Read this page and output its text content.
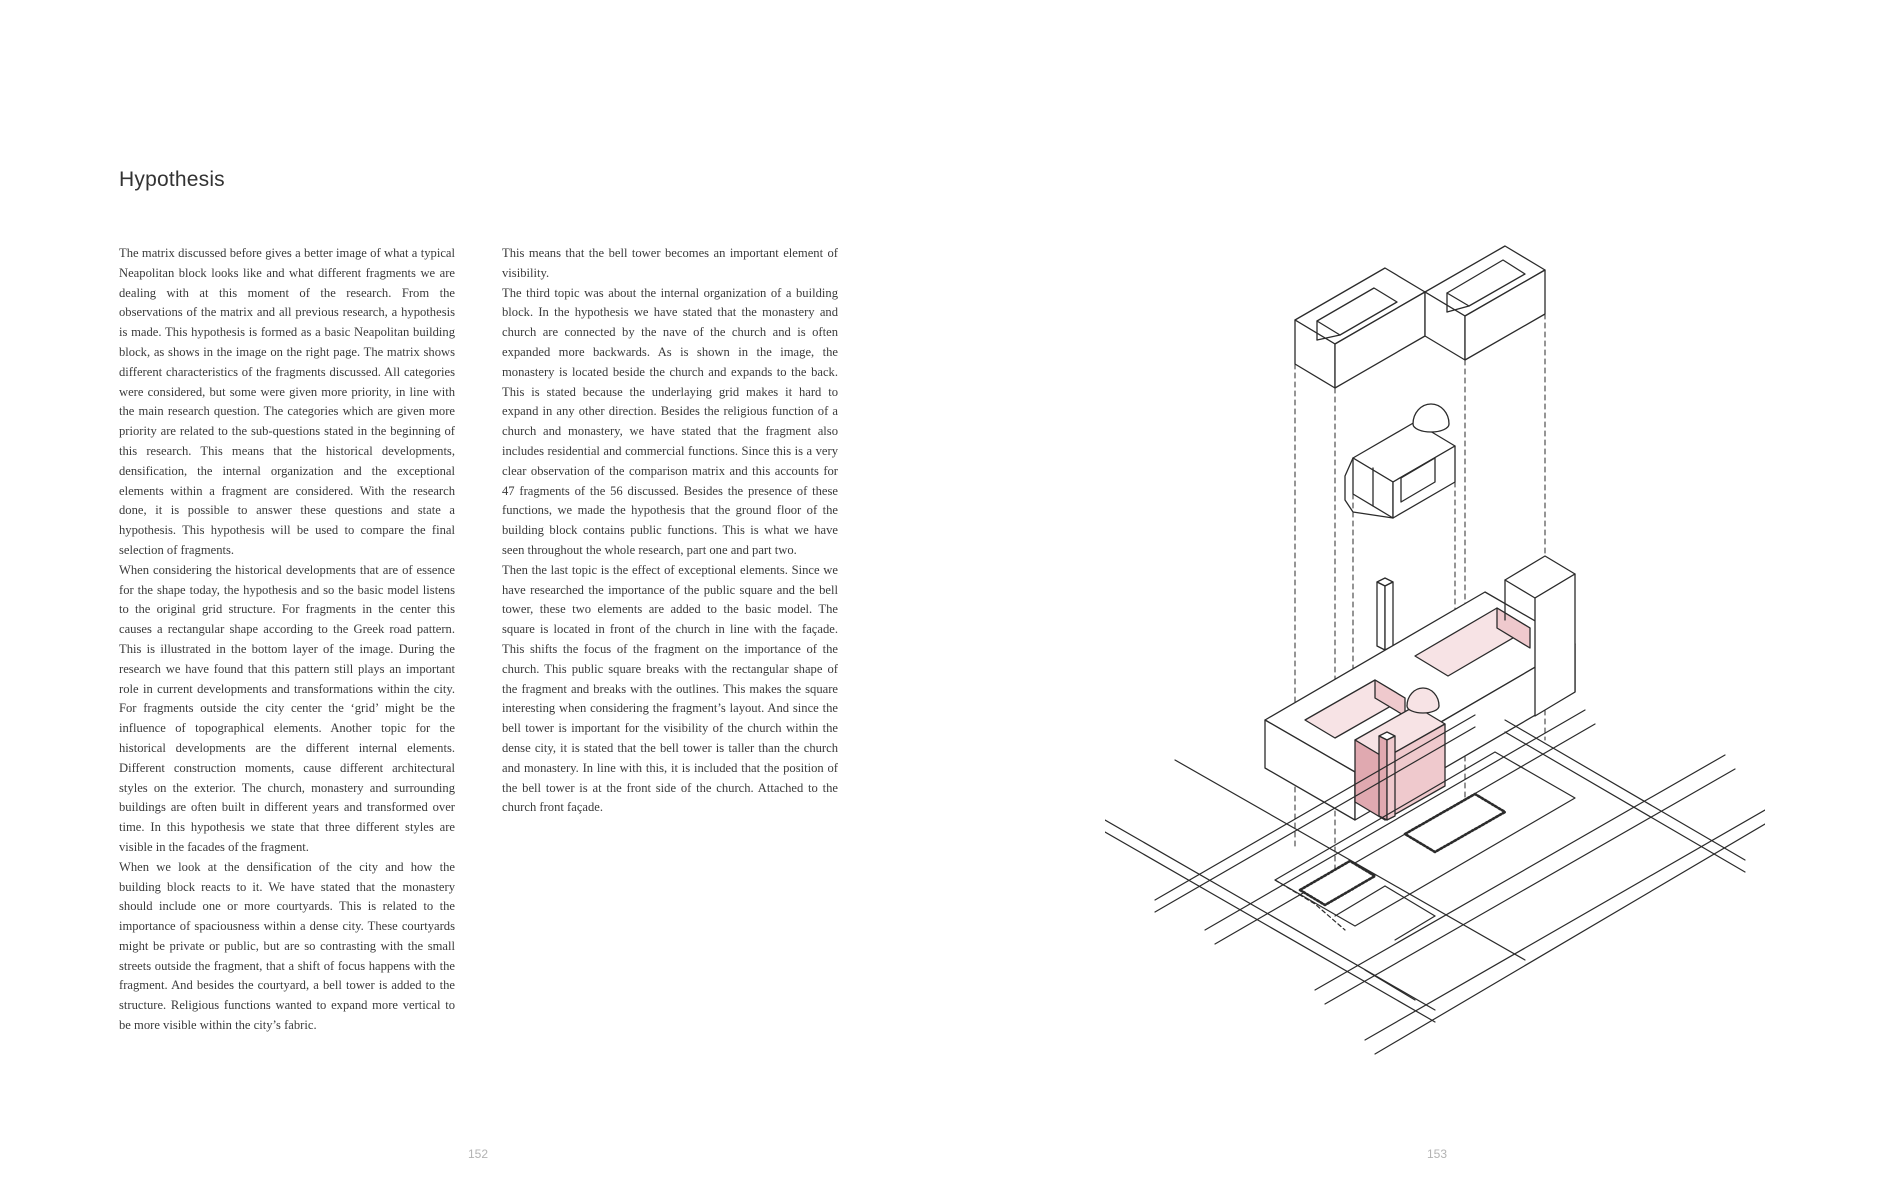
Hypothesis

The matrix discussed before gives a better image of what a typical Neapolitan block looks like and what different fragments we are dealing with at this moment of the research. From the observations of the matrix and all previous research, a hypothesis is made. This hypothesis is formed as a basic Neapolitan building block, as shows in the image on the right page. The matrix shows different characteristics of the fragments discussed. All categories were considered, but some were given more priority, in line with the main research question. The categories which are given more priority are related to the sub-questions stated in the beginning of this research. This means that the historical developments, densification, the internal organization and the exceptional elements within a fragment are considered. With the research done, it is possible to answer these questions and state a hypothesis. This hypothesis will be used to compare the final selection of fragments.

When considering the historical developments that are of essence for the shape today, the hypothesis and so the basic model listens to the original grid structure. For fragments in the center this causes a rectangular shape according to the Greek road pattern. This is illustrated in the bottom layer of the image. During the research we have found that this pattern still plays an important role in current developments and transformations within the city. For fragments outside the city center the ‘grid’ might be the influence of topographical elements. Another topic for the historical developments are the different internal elements. Different construction moments, cause different architectural styles on the exterior. The church, monastery and surrounding buildings are often built in different years and transformed over time. In this hypothesis we state that three different styles are visible in the facades of the fragment.

When we look at the densification of the city and how the building block reacts to it. We have stated that the monastery should include one or more courtyards. This is related to the importance of spaciousness within a dense city. These courtyards might be private or public, but are so contrasting with the small streets outside the fragment, that a shift of focus happens with the fragment. And besides the courtyard, a bell tower is added to the structure. Religious functions wanted to expand more vertical to be more visible within the city’s fabric.

This means that the bell tower becomes an important element of visibility.

The third topic was about the internal organization of a building block. In the hypothesis we have stated that the monastery and church are connected by the nave of the church and is often expanded more backwards. As is shown in the image, the monastery is located beside the church and expands to the back. This is stated because the underlaying grid makes it hard to expand in any other direction. Besides the religious function of a church and monastery, we have stated that the fragment also includes residential and commercial functions. Since this is a very clear observation of the comparison matrix and this accounts for 47 fragments of the 56 discussed. Besides the presence of these functions, we made the hypothesis that the ground floor of the building block contains public functions. This is what we have seen throughout the whole research, part one and part two.

Then the last topic is the effect of exceptional elements. Since we have researched the importance of the public square and the bell tower, these two elements are added to the basic model. The square is located in front of the church in line with the façade. This shifts the focus of the fragment on the importance of the church. This public square breaks with the rectangular shape of the fragment and breaks with the outlines. This makes the square interesting when considering the fragment’s layout. And since the bell tower is important for the visibility of the church within the dense city, it is stated that the bell tower is taller than the church and monastery. In line with this, it is included that the position of the bell tower is at the front side of the church. Attached to the church front façade.

152	153
